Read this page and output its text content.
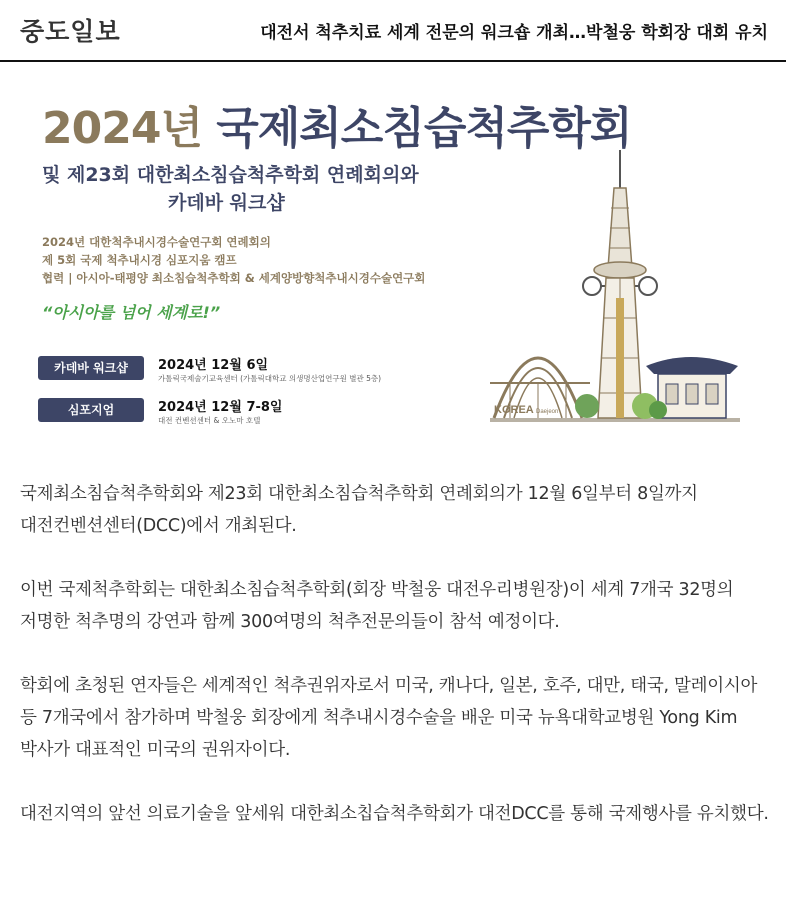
중도일보	대전서 척추치료 세계 전문의 워크숍 개최…박철웅 학회장 대회 유치
2024년 국제최소침습척추학회
및 제23회 대한최소침습척추학회 연례회의와
카데바 워크샵
2024년 대한척추내시경수술연구회 연례회의
제 5회 국제 척추내시경 심포지움 캠프
협력 | 아시아-태평양 최소침습척추학회 & 세계양방향척추내시경수술연구회
“아시아를 넘어 세계로!”
카데바 워크샵	2024년 12월 6일
가톨릭국제술기교육센터 (가톨릭대학교 의생명산업연구원 별관 5층)
심포지엄	2024년 12월 7-8일
대전 컨벤션센터 & 오노마 호텔
KOREA Daejeon

국제최소침습척추학회와 제23회 대한최소침습척추학회 연례회의가 12월 6일부터 8일까지 대전컨벤션센터(DCC)에서 개최된다.

이번 국제척추학회는 대한최소침습척추학회(회장 박철웅 대전우리병원장)이 세계 7개국 32명의 저명한 척추명의 강연과 함께 300여명의 척추전문의들이 참석 예정이다.

학회에 초청된 연자들은 세계적인 척추권위자로서 미국, 캐나다, 일본, 호주, 대만, 태국, 말레이시아 등 7개국에서 참가하며 박철웅 회장에게 척추내시경수술을 배운 미국 뉴욕대학교병원 Yong Kim 박사가 대표적인 미국의 권위자이다.

대전지역의 앞선 의료기술을 앞세워 대한최소칩습척추학회가 대전DCC를 통해 국제행사를 유치했다.
